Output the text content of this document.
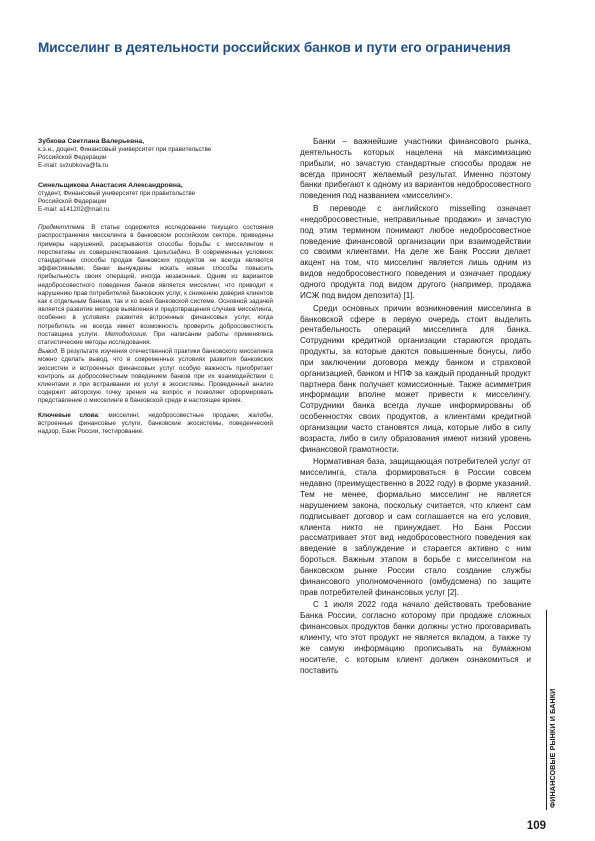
Мисселинг в деятельности российских банков и пути его ограничения
Зубкова Светлана Валерьевна,
к.э.н., доцент, Финансовый университет при правительстве
Российской Федерации
E-mail: svzubkova@fa.ru
Синельщикова Анастасия Александровна,
студент, Финансовый университет при правительстве
Российской Федерации
E-mail: a141202@mail.ru

Предмет/тема. В статье содержится исследование текущего состояния распространения мисселинга в банковском российском секторе, приведены примеры нарушений, раскрываются способы борьбы с мисселингом и перспективы их совершенствования. Цели/задачи. В современных условиях стандартные способы продаж банковских продуктов не всегда являются эффективными, банки вынуждены искать новые способы повысить прибыльность своих операций, иногда незаконные. Одним из вариантов недобросовестного поведения банков является мисселинг, что приводит к нарушению прав потребителей банковских услуг, к снижению доверия клиентов как к отдельным банкам, так и ко всей банковской системе. Основной задачей является развитие методов выявления и предотвращения случаев мисселинга, особенно в условиях развития встроенных финансовых услуг, когда потребитель не всегда имеет возможность проверить добросовестность поставщика услуги. Методология. При написании работы применялись статистические методы исследования.

Вывод. В результате изучения отечественной практики банковского мисселинга можно сделать вывод, что в современных условиях развития банковских экосистем и встроенных финансовых услуг особую важность приобретает контроль за добросовестным поведением банков при их взаимодействии с клиентами и при встраивании их услуг в экосистемы. Проведенный анализ содержит авторскую точку зрения на вопрос и позволяет сформировать представление о мисселинге в банковской среде в настоящее время.

Ключевые слова: мисселинг, недобросовестные продажи, жалобы, встроенные финансовые услуги, банковские экосистемы, поведенческий надзор, Банк России, тестирование.

Банки – важнейшие участники финансового рынка, деятельность которых нацелена на максимизацию прибыли, но зачастую стандартные способы продаж не всегда приносят желаемый результат. Именно поэтому банки прибегают к одному из вариантов недобросовестного поведения под названием «мисселинг».

В переводе с английского misselling означает «недобросовестные, неправильные продажи» и зачастую под этим термином понимают любое недобросовестное поведение финансовой организации при взаимодействии со своими клиентами. На деле же Банк России делает акцент на том, что мисселинг является лишь одним из видов недобросовестного поведения и означает продажу одного продукта под видом другого (например, продажа ИСЖ под видом депозита) [1].

Среди основных причин возникновения мисселинга в банковской сфере в первую очередь стоит выделить рентабельность операций мисселинга для банка. Сотрудники кредитной организации стараются продать продукты, за которые даются повышенные бонусы, либо при заключении договора между банком и страховой организацией, банком и НПФ за каждый проданный продукт партнера банк получает комиссионные. Также асимметрия информации вполне может привести к мисселингу. Сотрудники банка всегда лучше информированы об особенностях своих продуктов, а клиентами кредитной организации часто становятся лица, которые либо в силу возраста, либо в силу образования имеют низкий уровень финансовой грамотности.

Нормативная база, защищающая потребителей услуг от мисселинга, стала формироваться в России совсем недавно (преимущественно в 2022 году) в форме указаний. Тем не менее, формально мисселинг не является нарушением закона, поскольку считается, что клиент сам подписывает договор и сам соглашается на его условия, клиента никто не принуждает. Но Банк России рассматривает этот вид недобросовестного поведения как введение в заблуждение и старается активно с ним бороться. Важным этапом в борьбе с мисселингом на банковском рынке России стало создание службы финансового уполномоченного (омбудсмена) по защите прав потребителей финансовых услуг [2].

С 1 июля 2022 года начало действовать требование Банка России, согласно которому при продаже сложных финансовых продуктов банки должны устно проговаривать клиенту, что этот продукт не является вкладом, а также ту же самую информацию прописывать на бумажном носителе, с которым клиент должен ознакомиться и поставить

ФИНАНСОВЫЕ РЫНКИ И БАНКИ
109
